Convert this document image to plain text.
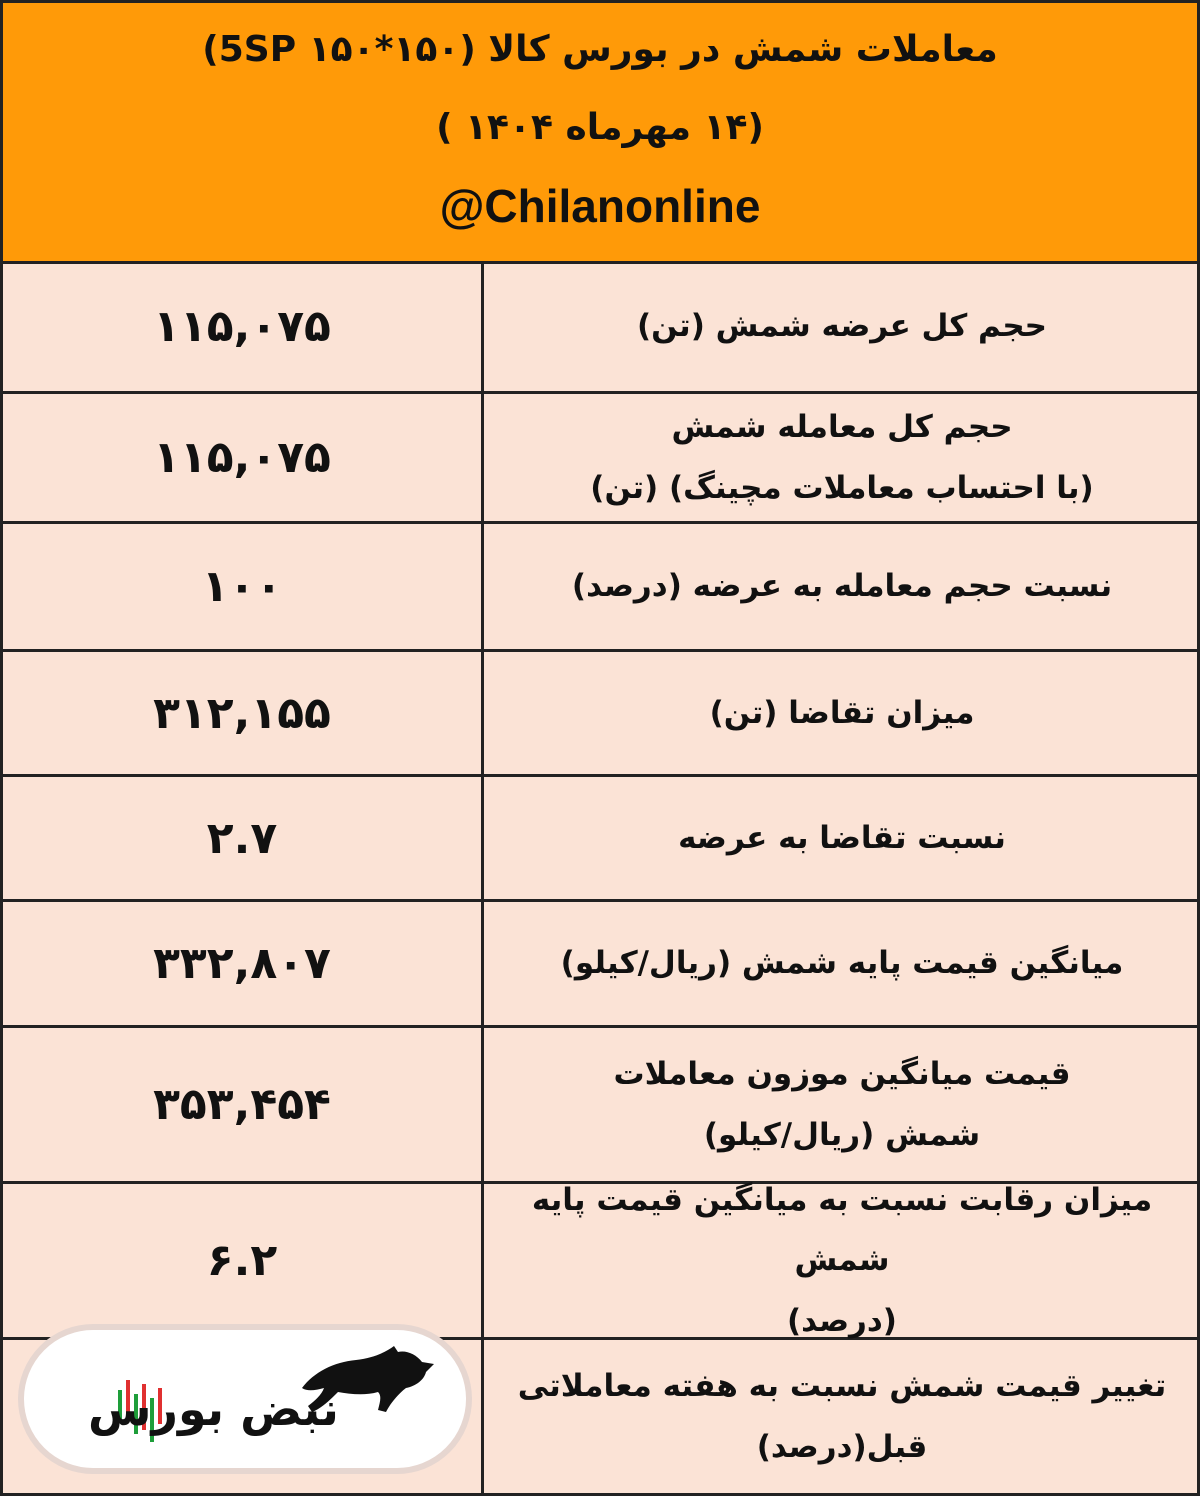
معاملات شمش در بورس کالا (۱۵۰*۱۵۰ 5SP)
(۱۴ مهرماه ۱۴۰۴ )
@Chilanonline
حجم کل عرضه شمش (تن)
۱۱۵,۰۷۵
حجم کل معامله شمش
(با احتساب معاملات مچینگ) (تن)
۱۱۵,۰۷۵
نسبت حجم معامله به عرضه (درصد)
۱۰۰
میزان تقاضا (تن)
۳۱۲,۱۵۵
نسبت تقاضا به عرضه
۲.۷
میانگین قیمت پایه شمش (ریال/کیلو)
۳۳۲,۸۰۷
قیمت میانگین موزون معاملات
شمش (ریال/کیلو)
۳۵۳,۴۵۴
میزان رقابت نسبت به میانگین قیمت پایه شمش
(درصد)
۶.۲
تغییر قیمت شمش نسبت به هفته معاملاتی
قبل(درصد)
نبض بورس
